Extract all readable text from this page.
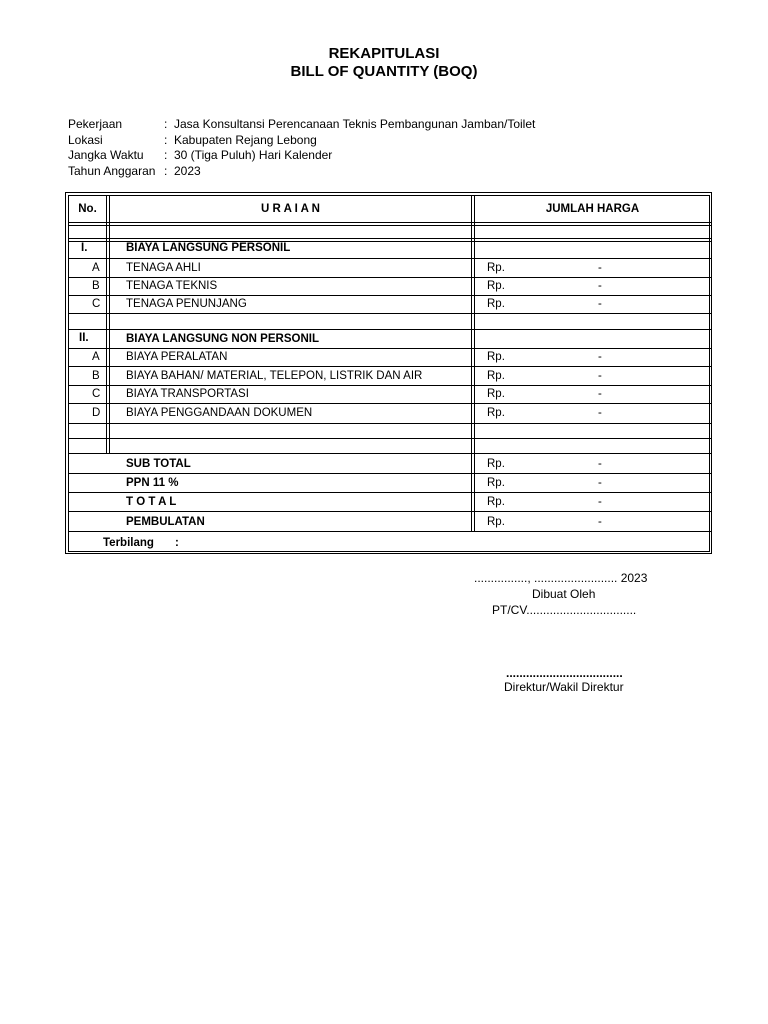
REKAPITULASI
BILL OF QUANTITY (BOQ)
Pekerjaan	: Jasa Konsultansi Perencanaan Teknis Pembangunan Jamban/Toilet
Lokasi	: Kabupaten Rejang Lebong
Jangka Waktu	: 30 (Tiga Puluh) Hari Kalender
Tahun Anggaran : 2023
No.	U R A I A N	JUMLAH HARGA
I.	BIAYA LANGSUNG PERSONIL
A TENAGA AHLI	Rp.	-
B TENAGA TEKNIS	Rp.	-
C TENAGA PENUNJANG	Rp.	-
II.	BIAYA LANGSUNG NON PERSONIL
A BIAYA PERALATAN	Rp.	-
B BIAYA BAHAN/ MATERIAL, TELEPON, LISTRIK DAN AIR	Rp.	-
C BIAYA TRANSPORTASI	Rp.	-
D BIAYA PENGGANDAAN DOKUMEN	Rp.	-
SUB TOTAL	Rp.	-
PPN 11 %	Rp.	-
T O T A L	Rp.	-
PEMBULATAN	Rp.	-
Terbilang :
................, ......................... 2023
Dibuat Oleh
PT/CV.................................
...................................
Direktur/Wakil Direktur
